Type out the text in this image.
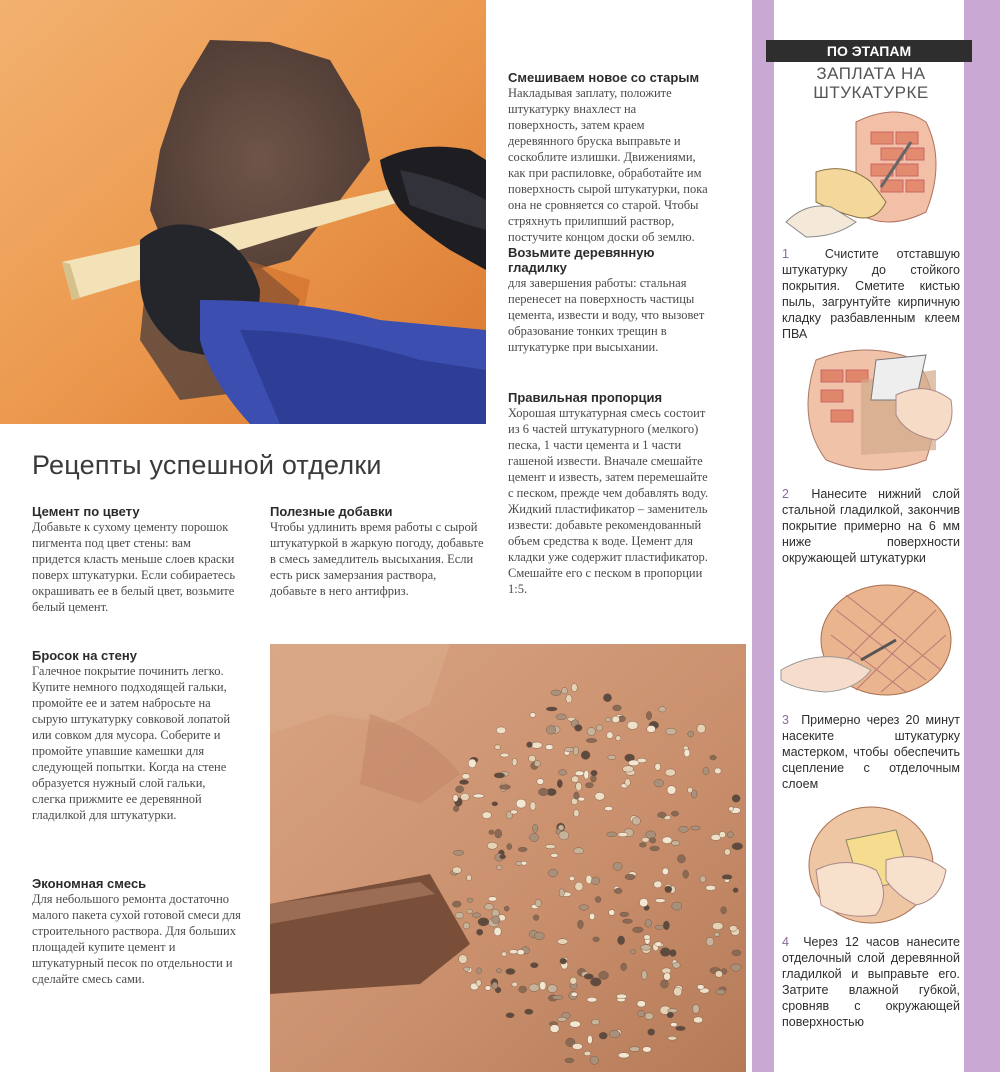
Смешиваем новое со старым
Накладывая заплату, положите штукатурку внахлест на поверхность, затем краем деревянного бруска выправьте и соскоблите излишки. Движениями, как при распиловке, обработайте им поверхность сырой штукатурки, пока она не сровняется со старой. Чтобы стряхнуть прилипший раствор, постучите концом доски об землю.
Возьмите деревянную гладилку
для завершения работы: стальная перенесет на поверхность частицы цемента, извести и воду, что вызовет образование тонких трещин в штукатурке при высыхании.
Правильная пропорция
Хорошая штукатурная смесь состоит из 6 частей штукатурного (мелкого) песка, 1 части цемента и 1 части гашеной извести. Вначале смешайте цемент и известь, затем перемешайте с песком, прежде чем добавлять воду. Жидкий пластификатор – заменитель извести: добавьте рекомендованный объем средства к воде. Цемент для кладки уже содержит пластификатор. Смешайте его с песком в пропорции 1:5.
Рецепты успешной отделки
Цемент по цвету
Добавьте к сухому цементу порошок пигмента под цвет стены: вам придется класть меньше слоев краски поверх штукатурки. Если собираетесь окрашивать ее в белый цвет, возьмите белый цемент.
Полезные добавки
Чтобы удлинить время работы с сырой штукатуркой в жаркую погоду, добавьте в смесь замедлитель высыхания. Если есть риск замерзания раствора, добавьте в него антифриз.
Бросок на стену
Галечное покрытие починить легко. Купите немного подходящей гальки, промойте ее и затем набросьте на сырую штукатурку совковой лопатой или совком для мусора. Соберите и промойте упавшие камешки для следующей попытки. Когда на стене образуется нужный слой гальки, слегка прижмите ее деревянной гладилкой для штукатурки.
Экономная смесь
Для небольшого ремонта достаточно малого пакета сухой готовой смеси для строительного раствора. Для больших площадей купите цемент и штукатурный песок по отдельности и сделайте смесь сами.
ПО ЭТАПАМ
ЗАПЛАТА НА ШТУКАТУРКЕ
1	Счистите отставшую штукатурку до стойкого покрытия. Сметите кистью пыль, загрунтуйте кирпичную кладку разбавленным клеем ПВА
2 Нанесите нижний слой стальной гладилкой, закончив покрытие примерно на 6 мм ниже поверхности окружающей штукатурки
3 Примерно через 20 минут насеките штукатурку мастерком, чтобы обеспечить сцепление с отделочным слоем
4 Через 12 часов нанесите отделочный слой деревянной гладилкой и выправьте его. Затрите влажной губкой, сровняв с окружающей поверхностью
